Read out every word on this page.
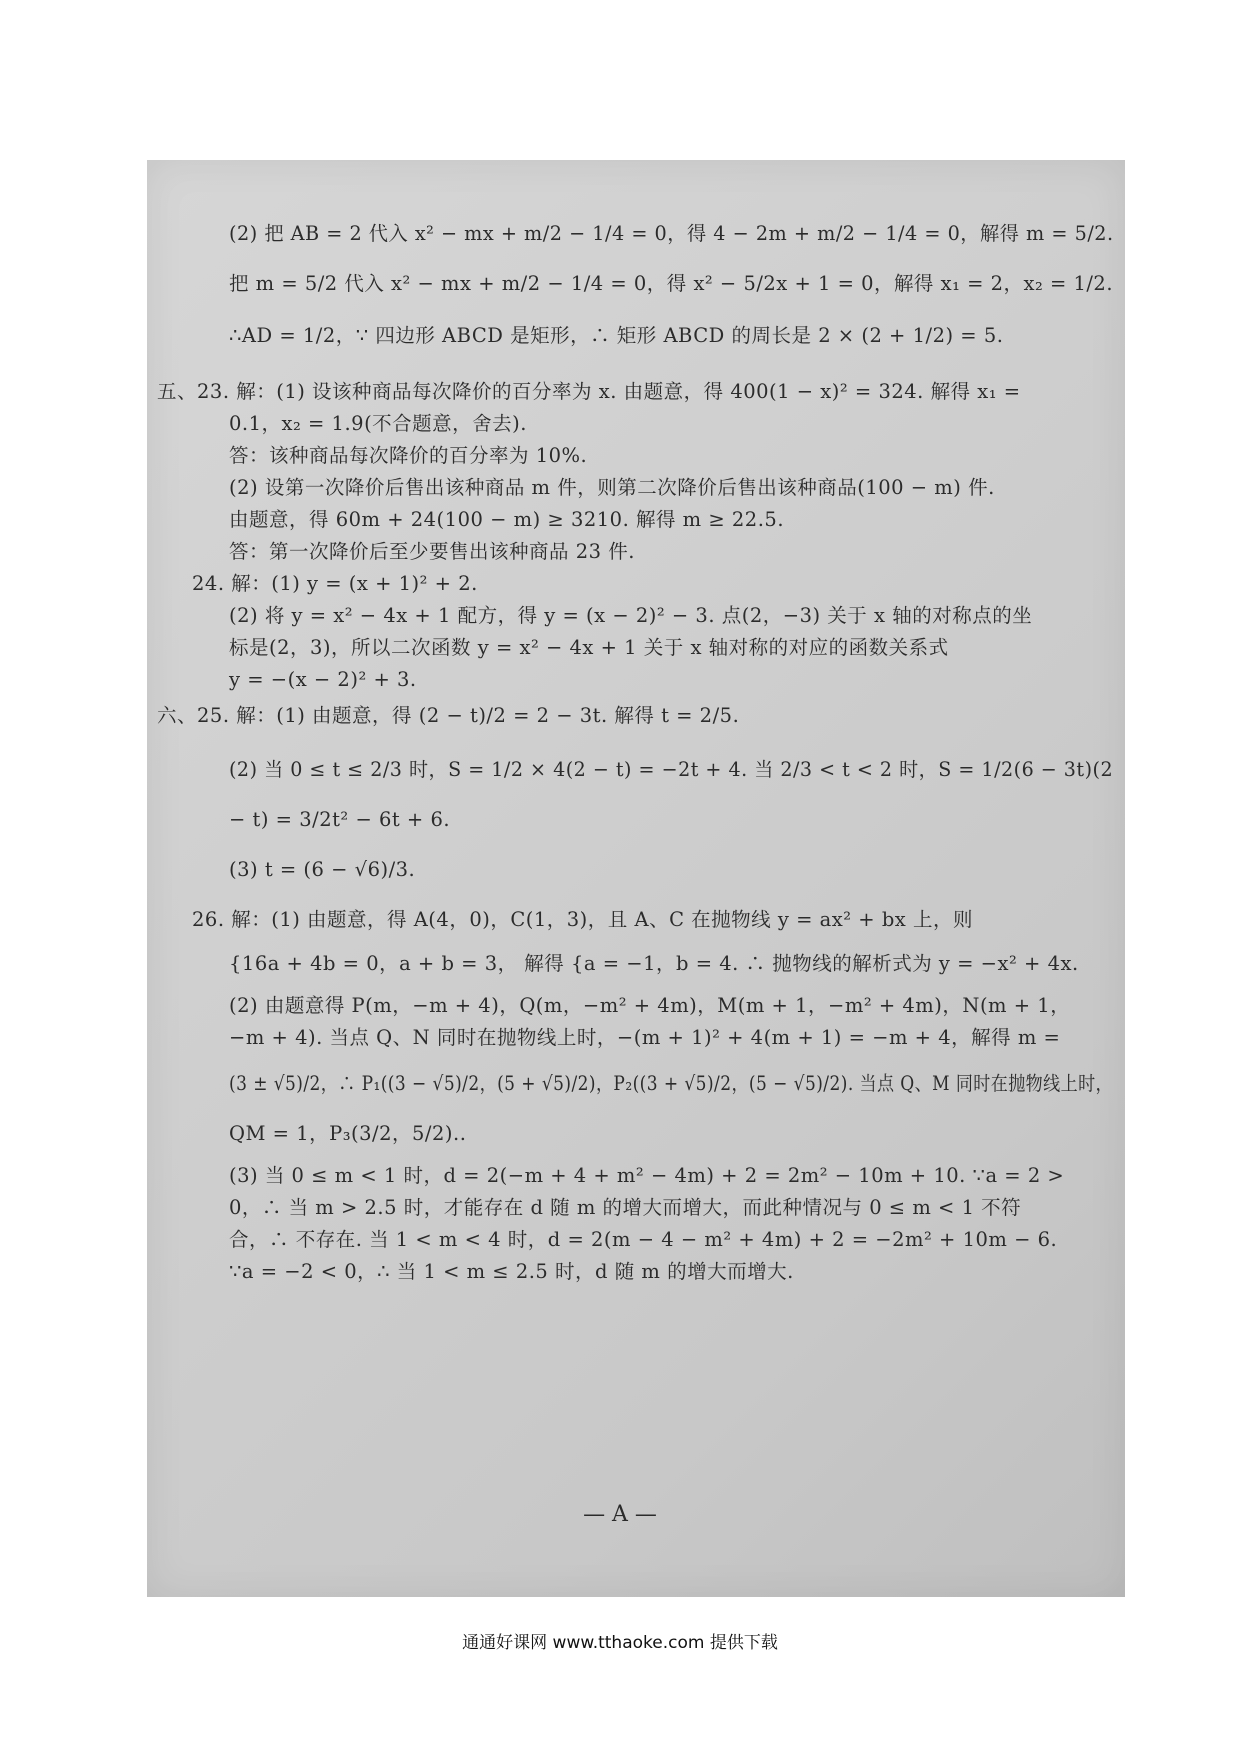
(2) 把 AB = 2 代入 x² − mx + m/2 − 1/4 = 0，得 4 − 2m + m/2 − 1/4 = 0，解得 m = 5/2.
把 m = 5/2 代入 x² − mx + m/2 − 1/4 = 0，得 x² − 5/2x + 1 = 0，解得 x₁ = 2，x₂ = 1/2.
∴AD = 1/2，∵ 四边形 ABCD 是矩形，∴ 矩形 ABCD 的周长是 2 × (2 + 1/2) = 5.
五、23. 解：(1) 设该种商品每次降价的百分率为 x. 由题意，得 400(1 − x)² = 324. 解得 x₁ =
0.1，x₂ = 1.9(不合题意，舍去).
答：该种商品每次降价的百分率为 10%.
(2) 设第一次降价后售出该种商品 m 件，则第二次降价后售出该种商品(100 − m) 件.
由题意，得 60m + 24(100 − m) ≥ 3210. 解得 m ≥ 22.5.
答：第一次降价后至少要售出该种商品 23 件.
24. 解：(1) y = (x + 1)² + 2.
(2) 将 y = x² − 4x + 1 配方，得 y = (x − 2)² − 3. 点(2，−3) 关于 x 轴的对称点的坐
标是(2，3)，所以二次函数 y = x² − 4x + 1 关于 x 轴对称的对应的函数关系式
y = −(x − 2)² + 3.
六、25. 解：(1) 由题意，得 (2 − t)/2 = 2 − 3t. 解得 t = 2/5.
(2) 当 0 ≤ t ≤ 2/3 时，S = 1/2 × 4(2 − t) = −2t + 4. 当 2/3 < t < 2 时，S = 1/2(6 − 3t)(2
− t) = 3/2t² − 6t + 6.
(3) t = (6 − √6)/3.
26. 解：(1) 由题意，得 A(4，0)，C(1，3)，且 A、C 在抛物线 y = ax² + bx 上，则
{16a + 4b = 0，a + b = 3， 解得 {a = −1，b = 4. ∴ 抛物线的解析式为 y = −x² + 4x.
(2) 由题意得 P(m，−m + 4)，Q(m，−m² + 4m)，M(m + 1，−m² + 4m)，N(m + 1，
−m + 4). 当点 Q、N 同时在抛物线上时，−(m + 1)² + 4(m + 1) = −m + 4，解得 m =
(3 ± √5)/2，∴ P₁((3 − √5)/2，(5 + √5)/2)，P₂((3 + √5)/2，(5 − √5)/2). 当点 Q、M 同时在抛物线上时，
QM = 1，P₃(3/2，5/2)..
(3) 当 0 ≤ m < 1 时，d = 2(−m + 4 + m² − 4m) + 2 = 2m² − 10m + 10. ∵a = 2 >
0，∴ 当 m > 2.5 时，才能存在 d 随 m 的增大而增大，而此种情况与 0 ≤ m < 1 不符
合，∴ 不存在. 当 1 < m < 4 时，d = 2(m − 4 − m² + 4m) + 2 = −2m² + 10m − 6.
∵a = −2 < 0，∴ 当 1 < m ≤ 2.5 时，d 随 m 的增大而增大.
— A —
通通好课网 www.tthaoke.com 提供下载
